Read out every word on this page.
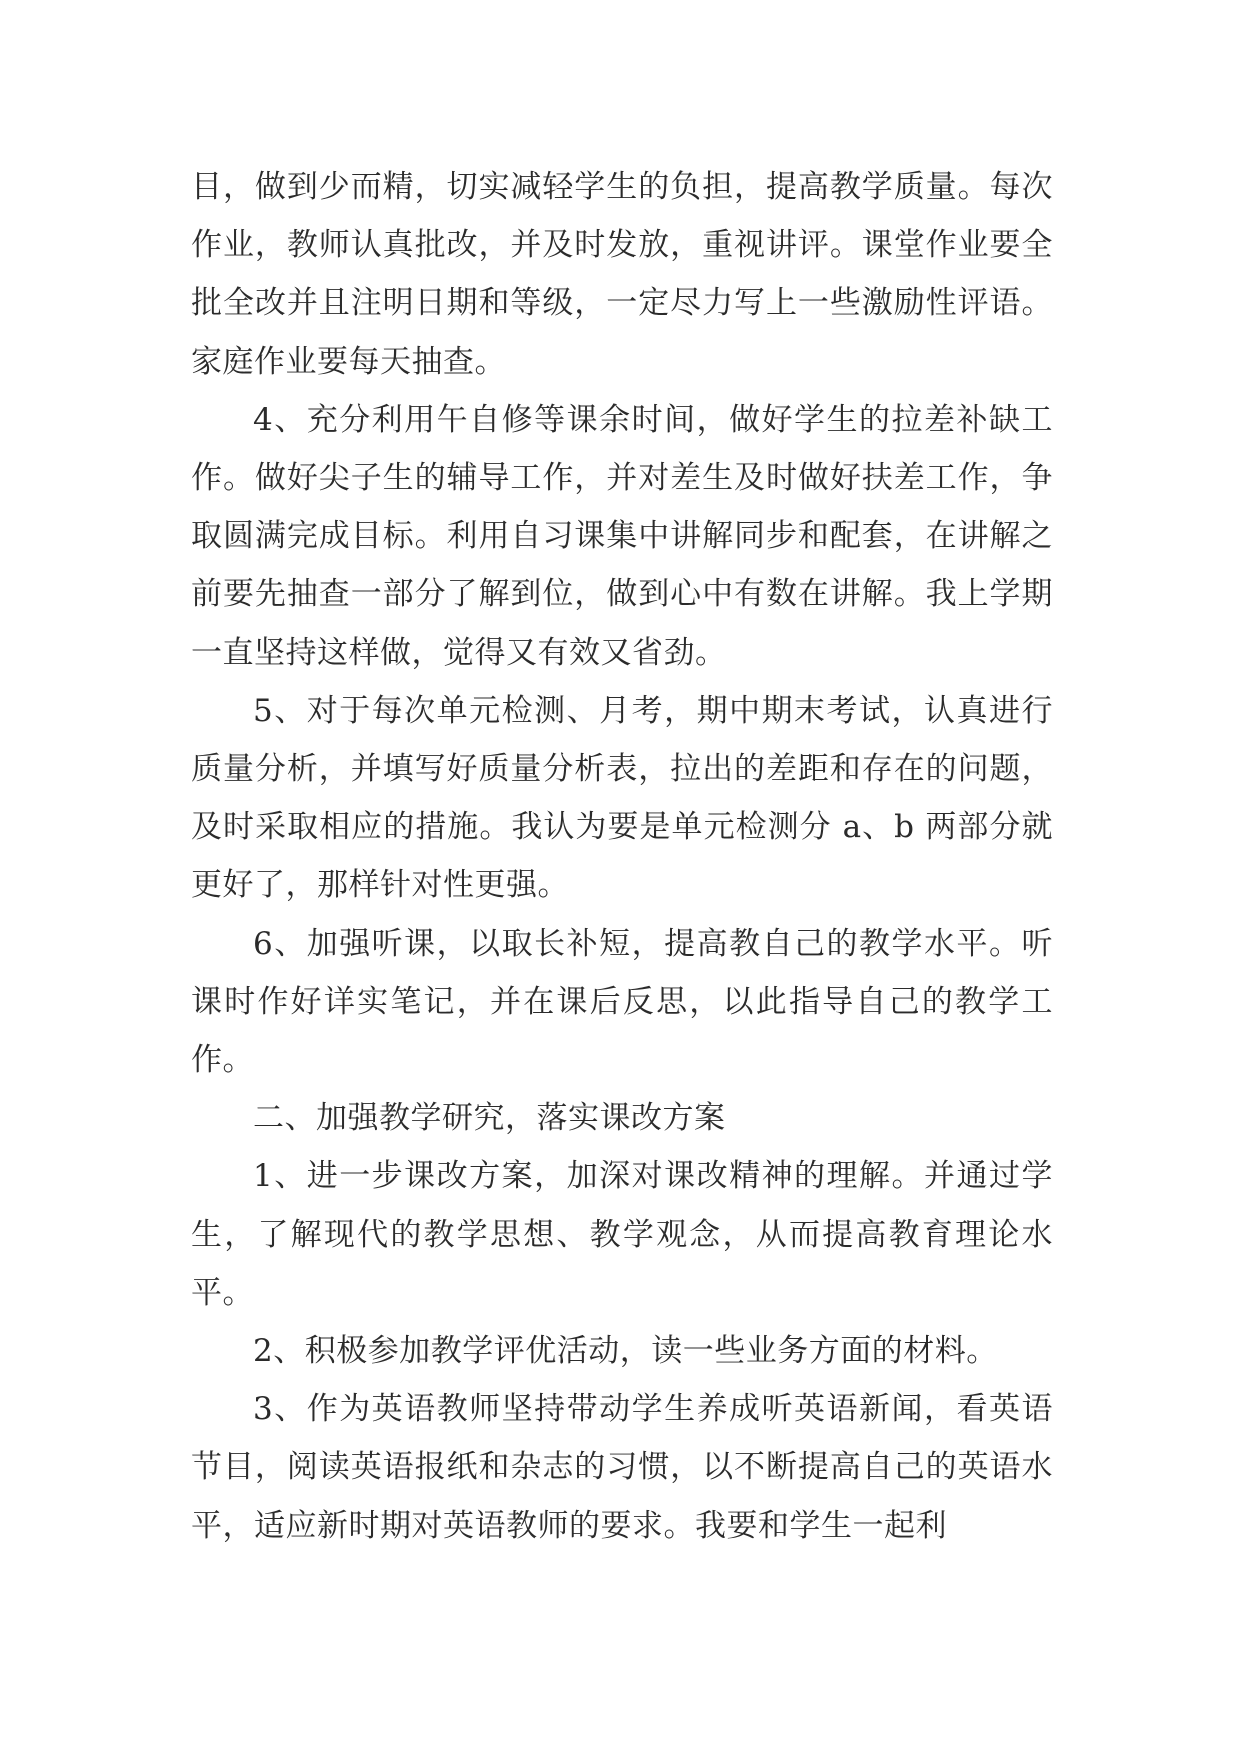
目，做到少而精，切实减轻学生的负担，提高教学质量。每次作业，教师认真批改，并及时发放，重视讲评。课堂作业要全批全改并且注明日期和等级，一定尽力写上一些激励性评语。家庭作业要每天抽查。

4、充分利用午自修等课余时间，做好学生的拉差补缺工作。做好尖子生的辅导工作，并对差生及时做好扶差工作，争取圆满完成目标。利用自习课集中讲解同步和配套，在讲解之前要先抽查一部分了解到位，做到心中有数在讲解。我上学期一直坚持这样做，觉得又有效又省劲。

5、对于每次单元检测、月考，期中期末考试，认真进行质量分析，并填写好质量分析表，拉出的差距和存在的问题，及时采取相应的措施。我认为要是单元检测分 a、b 两部分就更好了，那样针对性更强。

6、加强听课，以取长补短，提高教自己的教学水平。听课时作好详实笔记，并在课后反思，以此指导自己的教学工作。

二、加强教学研究，落实课改方案

1、进一步课改方案，加深对课改精神的理解。并通过学生，了解现代的教学思想、教学观念，从而提高教育理论水平。

2、积极参加教学评优活动，读一些业务方面的材料。

3、作为英语教师坚持带动学生养成听英语新闻，看英语节目，阅读英语报纸和杂志的习惯，以不断提高自己的英语水平，适应新时期对英语教师的要求。我要和学生一起利
